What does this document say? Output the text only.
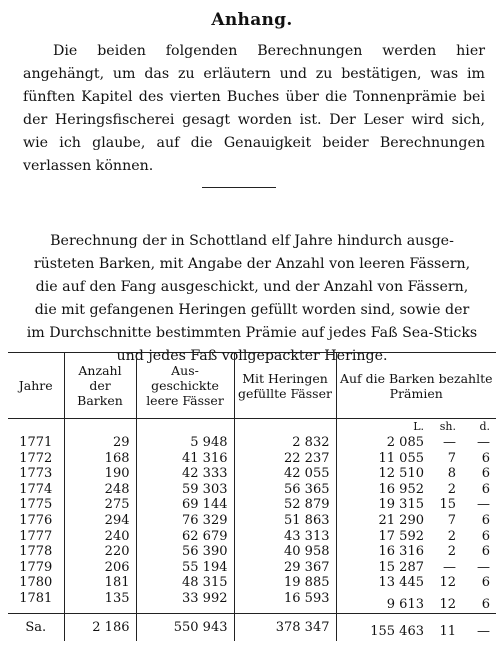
Anhang.
Die beiden folgenden Berechnungen werden hier angehängt, um das zu erläutern und zu bestätigen, was im fünften Kapitel des vierten Buches über die Tonnenprämie bei der Heringsfischerei gesagt worden ist. Der Leser wird sich, wie ich glaube, auf die Genauigkeit beider Berechnungen verlassen können.
Berechnung der in Schottland elf Jahre hindurch ausge-
rüsteten Barken, mit Angabe der Anzahl von leeren Fässern,
die auf den Fang ausgeschickt, und der Anzahl von Fässern,
die mit gefangenen Heringen gefüllt worden sind, sowie der
im Durchschnitte bestimmten Prämie auf jedes Faß Sea-Sticks
und jedes Faß vollgepackter Heringe.
Jahre	Anzahl der Barken	Aus- geschickte leere Fässer	Mit Heringen gefüllte Fässer	Auf die Barken bezahlte Prämien

				L. sh. d.

1771	29	5 948	2 832	2 085 — —

1772	168	41 316	22 237	11 055 7 6

1773	190	42 333	42 055	12 510 8 6

1774	248	59 303	56 365	16 952 2 6

1775	275	69 144	52 879	19 315 15 —

1776	294	76 329	51 863	21 290 7 6

1777	240	62 679	43 313	17 592 2 6

1778	220	56 390	40 958	16 316 2 6

1779	206	55 194	29 367	15 287 — —

1780	181	48 315	19 885	13 445 12 6

1781	135	33 992	16 593	9 613 12 6

Sa.	2 186	550 943	378 347	155 463 11 —
